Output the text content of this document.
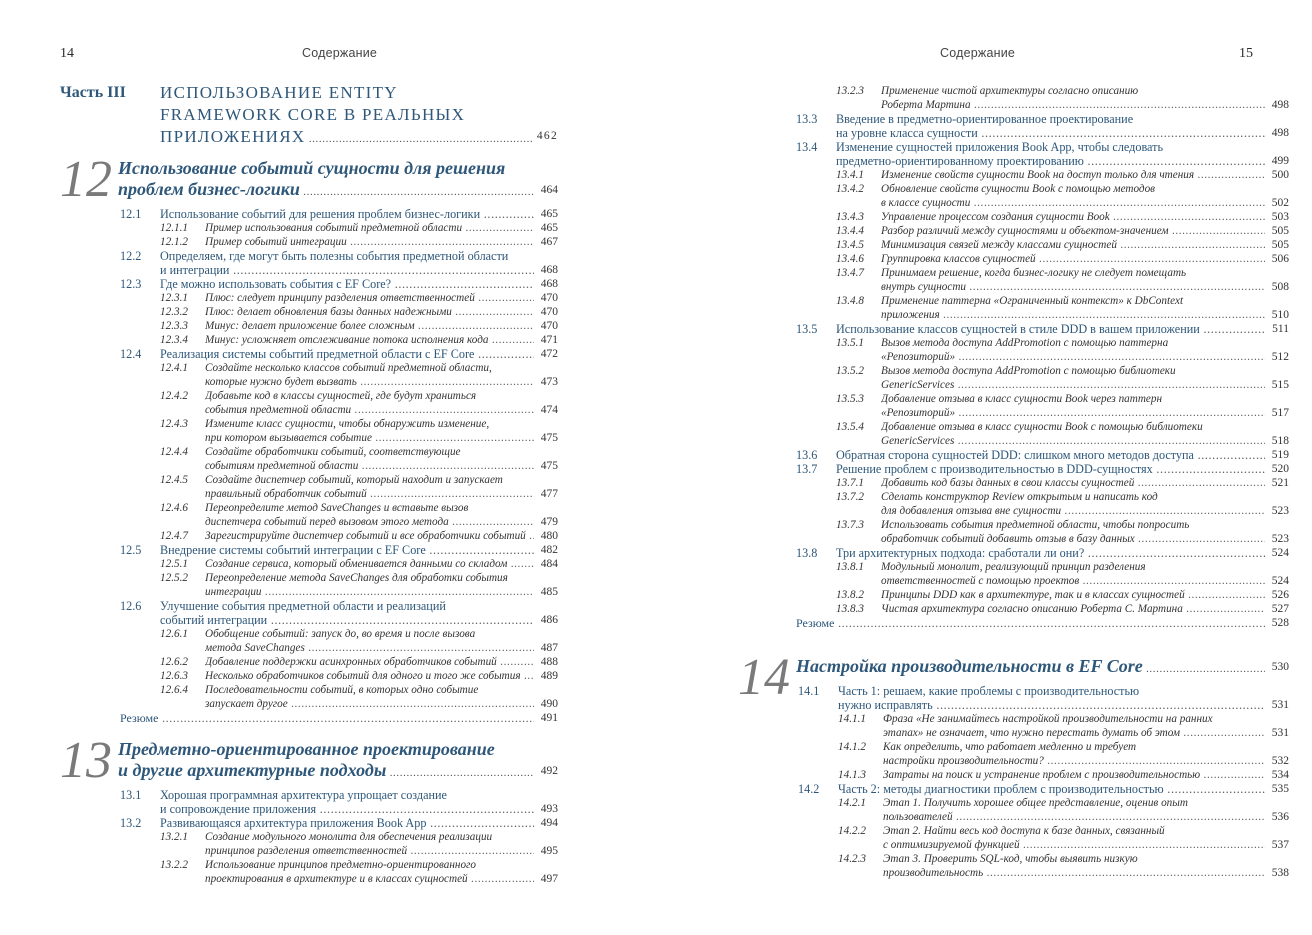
14	Содержание
Часть III ИСПОЛЬЗОВАНИЕ ENTITY
FRAMEWORK CORE В РЕАЛЬНЫХ
ПРИЛОЖЕНИЯХ .....	462
12 Использование событий сущности для решения
проблем бизнес-логики .....	464
12.1 Использование событий для решения проблем бизнес-логики .....	465
12.1.1 Пример использования событий предметной области .....	465
12.1.2 Пример событий интеграции .....	467
12.2 Определяем, где могут быть полезны события предметной области
и интеграции .....	468
12.3 Где можно использовать события с EF Core? .....	468
12.3.1 Плюс: следует принципу разделения ответственностей .....	470
12.3.2 Плюс: делает обновления базы данных надежными .....	470
12.3.3 Минус: делает приложение более сложным .....	470
12.3.4 Минус: усложняет отслеживание потока исполнения кода .....	471
12.4 Реализация системы событий предметной области с EF Core .....	472
12.4.1 Создайте несколько классов событий предметной области,
которые нужно будет вызвать .....	473
12.4.2 Добавьте код в классы сущностей, где будут храниться
события предметной области .....	474
12.4.3 Измените класс сущности, чтобы обнаружить изменение,
при котором вызывается событие .....	475
12.4.4 Создайте обработчики событий, соответствующие
событиям предметной области .....	475
12.4.5 Создайте диспетчер событий, который находит и запускает
правильный обработчик событий .....	477
12.4.6 Переопределите метод SaveChanges и вставьте вызов
диспетчера событий перед вызовом этого метода .....	479
12.4.7 Зарегистрируйте диспетчер событий и все обработчики событий .....	480
12.5 Внедрение системы событий интеграции с EF Core .....	482
12.5.1 Создание сервиса, который обменивается данными со складом .....	484
12.5.2 Переопределение метода SaveChanges для обработки события
интеграции .....	485
12.6 Улучшение события предметной области и реализаций
событий интеграции .....	486
12.6.1 Обобщение событий: запуск до, во время и после вызова
метода SaveChanges .....	487
12.6.2 Добавление поддержки асинхронных обработчиков событий .....	488
12.6.3 Несколько обработчиков событий для одного и того же события .....	489
12.6.4 Последовательности событий, в которых одно событие
запускает другое .....	490
Резюме .....	491
13 Предметно-ориентированное проектирование
и другие архитектурные подходы .....	492
13.1 Хорошая программная архитектура упрощает создание
и сопровождение приложения .....	493
13.2 Развивающаяся архитектура приложения Book App .....	494
13.2.1 Создание модульного монолита для обеспечения реализации
принципов разделения ответственностей .....	495
13.2.2 Использование принципов предметно-ориентированного
проектирования в архитектуре и в классах сущностей .....	497
Содержание	15
13.2.3 Применение чистой архитектуры согласно описанию
Роберта Мартина .....	498
13.3 Введение в предметно-ориентированное проектирование
на уровне класса сущности .....	498
13.4 Изменение сущностей приложения Book App, чтобы следовать
предметно-ориентированному проектированию .....	499
13.4.1 Изменение свойств сущности Book на доступ только для чтения .....	500
13.4.2 Обновление свойств сущности Book с помощью методов
в классе сущности .....	502
13.4.3 Управление процессом создания сущности Book .....	503
13.4.4 Разбор различий между сущностями и объектом-значением .....	505
13.4.5 Минимизация связей между классами сущностей .....	505
13.4.6 Группировка классов сущностей .....	506
13.4.7 Принимаем решение, когда бизнес-логику не следует помещать
внутрь сущности .....	508
13.4.8 Применение паттерна «Ограниченный контекст» к DbContext
приложения .....	510
13.5 Использование классов сущностей в стиле DDD в вашем приложении .....	511
13.5.1 Вызов метода доступа AddPromotion с помощью паттерна
«Репозиторий» .....	512
13.5.2 Вызов метода доступа AddPromotion с помощью библиотеки
GenericServices .....	515
13.5.3 Добавление отзыва в класс сущности Book через паттерн
«Репозиторий» .....	517
13.5.4 Добавление отзыва в класс сущности Book с помощью библиотеки
GenericServices .....	518
13.6 Обратная сторона сущностей DDD: слишком много методов доступа .....	519
13.7 Решение проблем с производительностью в DDD-сущностях .....	520
13.7.1 Добавить код базы данных в свои классы сущностей .....	521
13.7.2 Сделать конструктор Review открытым и написать код
для добавления отзыва вне сущности .....	523
13.7.3 Использовать события предметной области, чтобы попросить
обработчик событий добавить отзыв в базу данных .....	523
13.8 Три архитектурных подхода: сработали ли они? .....	524
13.8.1 Модульный монолит, реализующий принцип разделения
ответственностей с помощью проектов .....	524
13.8.2 Принципы DDD как в архитектуре, так и в классах сущностей .....	526
13.8.3 Чистая архитектура согласно описанию Роберта С. Мартина .....	527
Резюме .....	528
14 Настройка производительности в EF Core .....	530
14.1 Часть 1: решаем, какие проблемы с производительностью
нужно исправлять .....	531
14.1.1 Фраза «Не занимайтесь настройкой производительности на ранних
этапах» не означает, что нужно перестать думать об этом .....	531
14.1.2 Как определить, что работает медленно и требует
настройки производительности? .....	532
14.1.3 Затраты на поиск и устранение проблем с производительностью .....	534
14.2 Часть 2: методы диагностики проблем с производительностью .....	535
14.2.1 Этап 1. Получить хорошее общее представление, оценив опыт
пользователей .....	536
14.2.2 Этап 2. Найти весь код доступа к базе данных, связанный
с оптимизируемой функцией .....	537
14.2.3 Этап 3. Проверить SQL-код, чтобы выявить низкую
производительность .....	538
